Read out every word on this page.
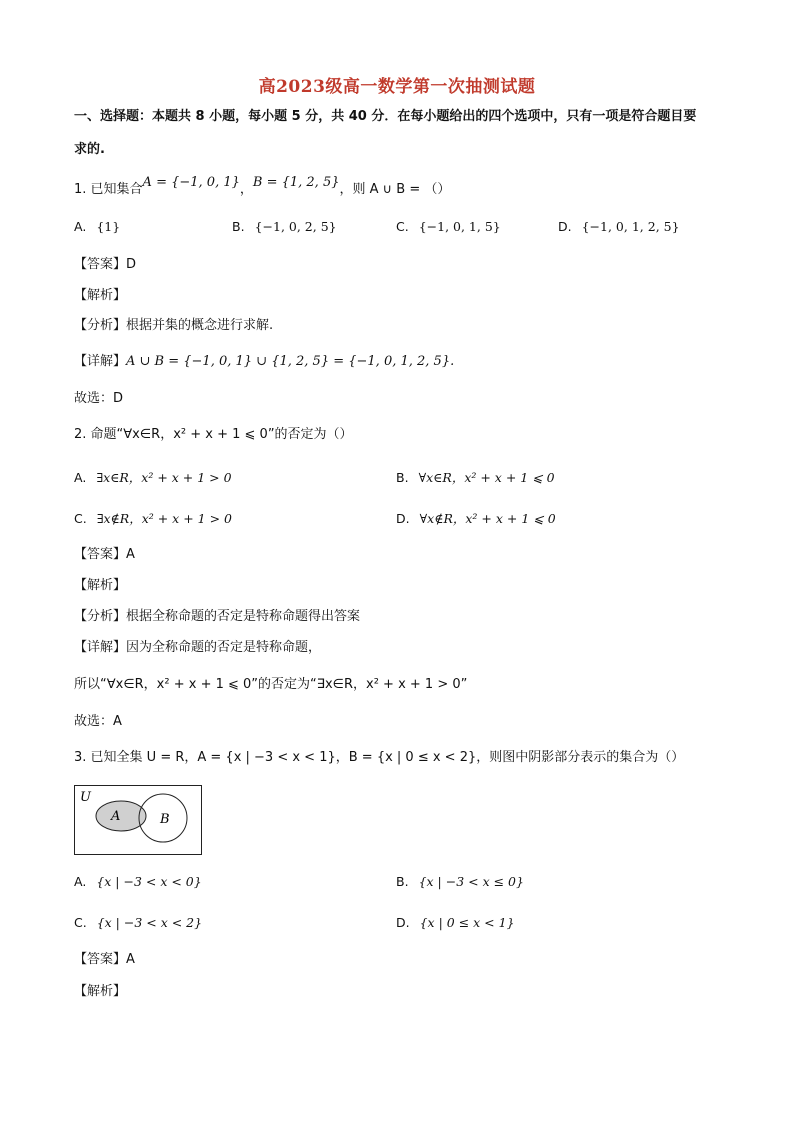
高2023级高一数学第一次抽测试题
一、选择题：本题共 8 小题，每小题 5 分，共 40 分．在每小题给出的四个选项中，只有一项是符合题目要
求的.
1. 已知集合A = {−1, 0, 1}，B = {1, 2, 5}，则 A ∪ B = （）
A. {1}	B. {−1, 0, 2, 5}	C. {−1, 0, 1, 5}	D. {−1, 0, 1, 2, 5}
【答案】D
【解析】
【分析】根据并集的概念进行求解.
【详解】A ∪ B = {−1, 0, 1} ∪ {1, 2, 5} = {−1, 0, 1, 2, 5}.
故选：D
2. 命题“∀x∈R，x² + x + 1 ⩽ 0”的否定为（）
A. ∃x∈R，x² + x + 1 > 0	B. ∀x∈R，x² + x + 1 ⩽ 0
C. ∃x∉R，x² + x + 1 > 0	D. ∀x∉R，x² + x + 1 ⩽ 0
【答案】A
【解析】
【分析】根据全称命题的否定是特称命题得出答案
【详解】因为全称命题的否定是特称命题，
所以“∀x∈R，x² + x + 1 ⩽ 0”的否定为“∃x∈R，x² + x + 1 > 0”
故选：A
3. 已知全集 U = R，A = {x | −3 < x < 1}，B = {x | 0 ≤ x < 2}，则图中阴影部分表示的集合为（）
U
A	B
A. {x | −3 < x < 0}	B. {x | −3 < x ≤ 0}
C. {x | −3 < x < 2}	D. {x | 0 ≤ x < 1}
【答案】A
【解析】
